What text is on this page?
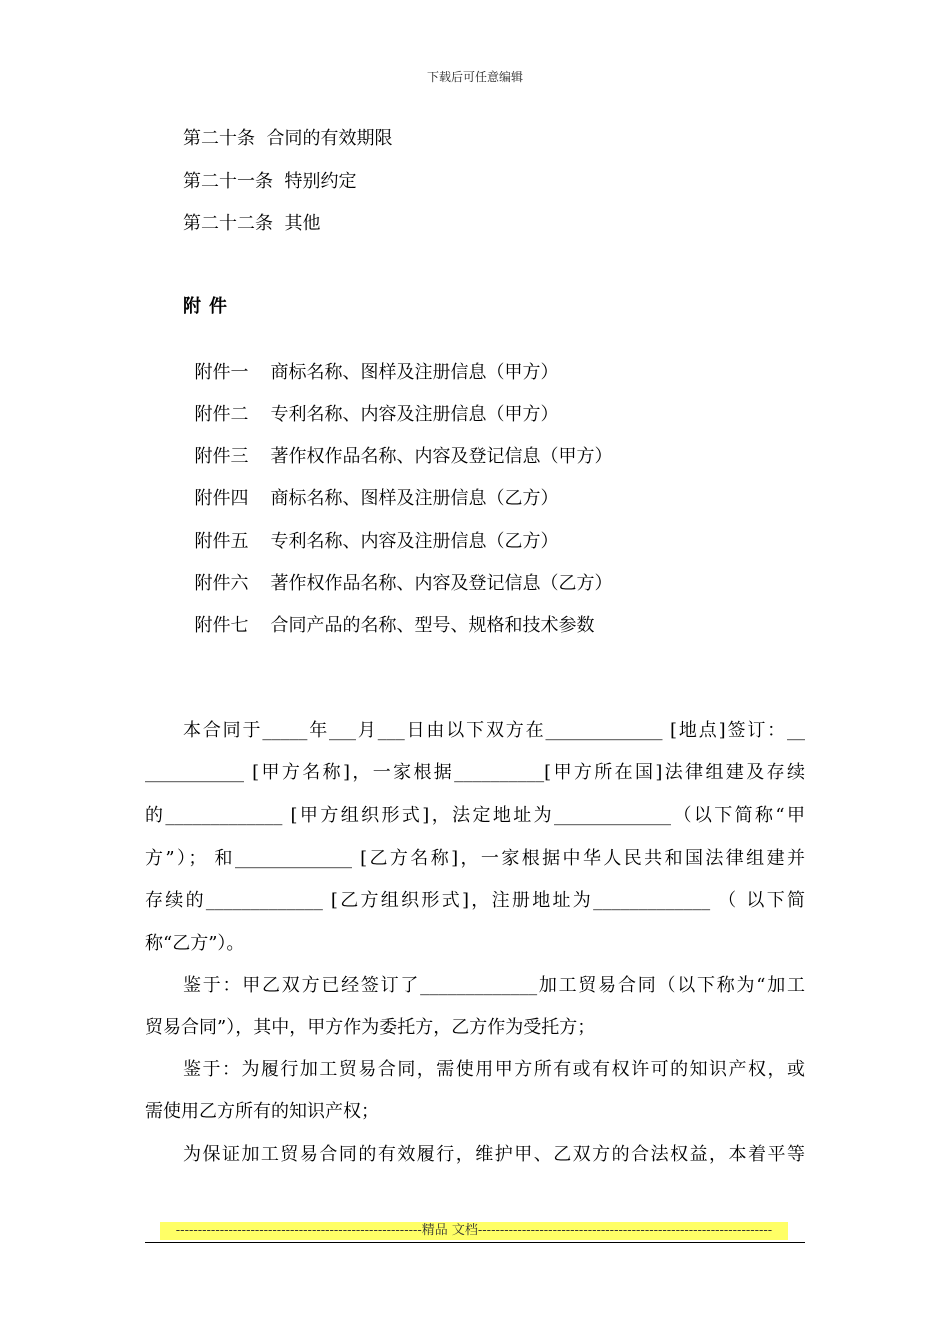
下载后可任意编辑
第二十条  合同的有效期限
第二十一条  特别约定
第二十二条  其他
附件

附件一 商标名称、图样及注册信息（甲方）

附件二 专利名称、内容及注册信息（甲方）

附件三 著作权作品名称、内容及登记信息（甲方）

附件四 商标名称、图样及注册信息（乙方）

附件五 专利名称、内容及注册信息（乙方）

附件六 著作权作品名称、内容及登记信息（乙方）

附件七 合同产品的名称、型号、规格和技术参数

本合同于_____年___月___日由以下双方在_____________ [地点]签订：__
___________ [甲方名称]，一家根据__________[甲方所在国]法律组建及存续
的_____________ [甲方组织形式]，法定地址为_____________（以下简称“甲
方”）； 和_____________ [乙方名称]，一家根据中华人民共和国法律组建并
存续的_____________ [乙方组织形式]，注册地址为_____________ （ 以下简
称“乙方”）。
鉴于：甲乙双方已经签订了_____________加工贸易合同（以下称为“加工
贸易合同”），其中，甲方作为委托方，乙方作为受托方；
鉴于：为履行加工贸易合同，需使用甲方所有或有权许可的知识产权，或
需使用乙方所有的知识产权；
为保证加工贸易合同的有效履行，维护甲、乙双方的合法权益，本着平等
--------------------------------------------------------精品 文档-------------------------------------------------------------------
